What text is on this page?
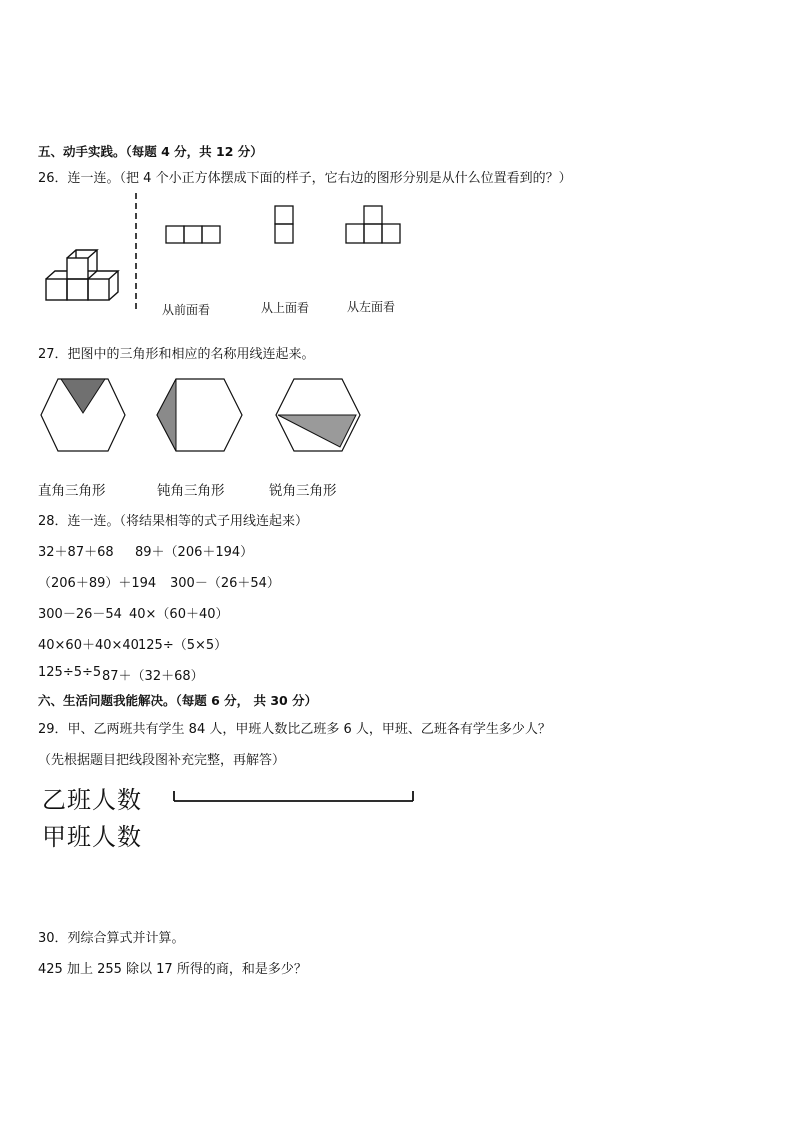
五、动手实践。（每题 4 分，共 12 分）
26．连一连。（把 4 个小正方体摆成下面的样子，它右边的图形分别是从什么位置看到的？）
从前面看	从上面看	从左面看
27．把图中的三角形和相应的名称用线连起来。
直角三角形	钝角三角形	锐角三角形
28．连一连。（将结果相等的式子用线连起来）
32＋87＋68 89＋（206＋194）
（206＋89）＋194 300－（26＋54）
300－26－54 40×（60＋40）
40×60＋40×40 125÷（5×5）
125÷5÷5 87＋（32＋68）
六、生活问题我能解决。（每题 6 分， 共 30 分）
29．甲、乙两班共有学生 84 人，甲班人数比乙班多 6 人，甲班、乙班各有学生多少人？
（先根据题目把线段图补充完整，再解答）
乙班人数
甲班人数
30．列综合算式并计算。
425 加上 255 除以 17 所得的商，和是多少？
